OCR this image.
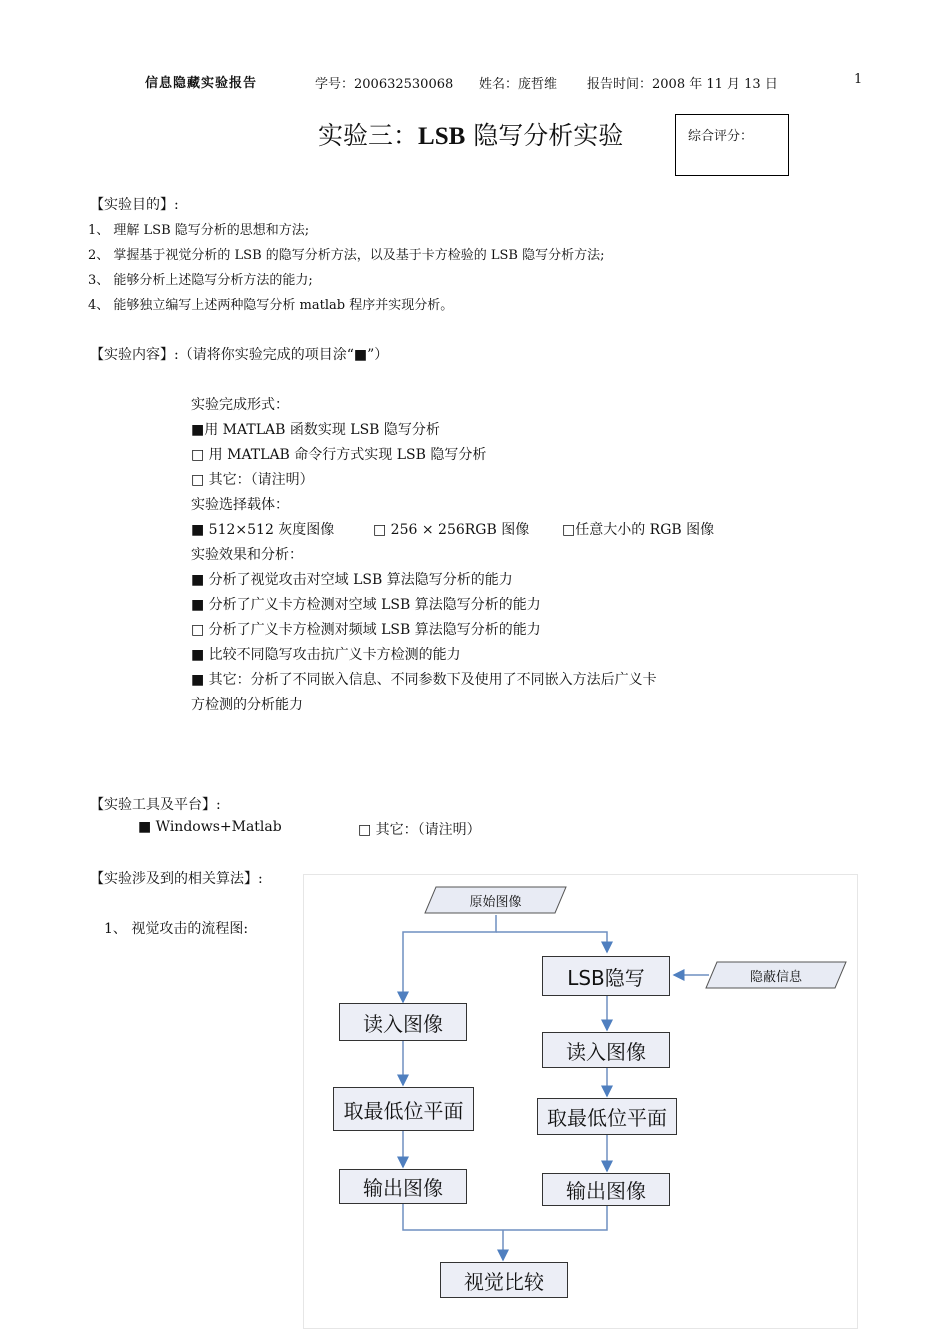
信息隐藏实验报告	学号：200632530068 姓名：庞哲维 报告时间：2008 年 11 月 13 日	1
实验三：LSB 隐写分析实验	综合评分：
【实验目的】:
1、 理解 LSB 隐写分析的思想和方法;
2、 掌握基于视觉分析的 LSB 的隐写分析方法，以及基于卡方检验的 LSB 隐写分析方法;
3、 能够分析上述隐写分析方法的能力;
4、 能够独立编写上述两种隐写分析 matlab 程序并实现分析。
【实验内容】:（请将你实验完成的项目涂“■”）
实验完成形式：
■用 MATLAB 函数实现 LSB 隐写分析
□ 用 MATLAB 命令行方式实现 LSB 隐写分析
□ 其它：（请注明）
实验选择载体：
■ 512×512 灰度图像	□ 256 × 256RGB 图像 □任意大小的 RGB 图像
实验效果和分析：
■ 分析了视觉攻击对空域 LSB 算法隐写分析的能力
■ 分析了广义卡方检测对空域 LSB 算法隐写分析的能力
□ 分析了广义卡方检测对频域 LSB 算法隐写分析的能力
■ 比较不同隐写攻击抗广义卡方检测的能力
■ 其它：分析了不同嵌入信息、不同参数下及使用了不同嵌入方法后广义卡
方检测的分析能力
【实验工具及平台】:
■ Windows+Matlab	□ 其它：（请注明）
【实验涉及到的相关算法】:
1、 视觉攻击的流程图:
原始图像
隐蔽信息
LSB隐写
读入图像
取最低位平面
输出图像
读入图像
取最低位平面
输出图像
视觉比较
